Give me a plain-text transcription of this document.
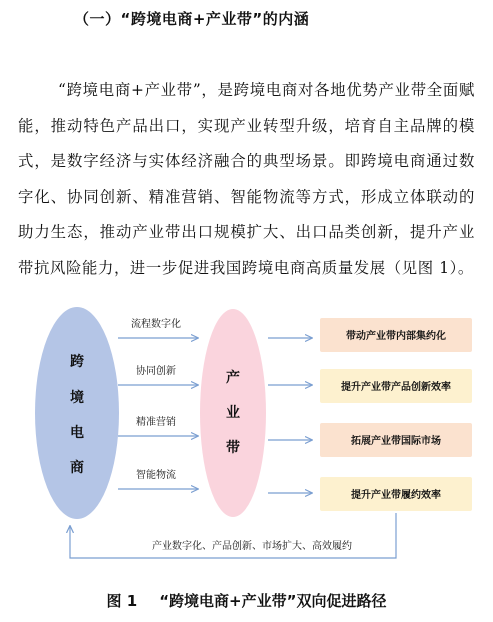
（一）“跨境电商+产业带”的内涵

“跨境电商+产业带”，是跨境电商对各地优势产业带全面赋能，推动特色产品出口，实现产业转型升级，培育自主品牌的模式，是数字经济与实体经济融合的典型场景。即跨境电商通过数字化、协同创新、精准营销、智能物流等方式，形成立体联动的助力生态，推动产业带出口规模扩大、出口品类创新，提升产业带抗风险能力，进一步促进我国跨境电商高质量发展（见图 1）。

跨
境
电
商
产
业
带
流程数字化
协同创新
精准营销
智能物流
带动产业带内部集约化
提升产业带产品创新效率
拓展产业带国际市场
提升产业带履约效率
产业数字化、产品创新、市场扩大、高效履约
图 1 “跨境电商+产业带”双向促进路径
